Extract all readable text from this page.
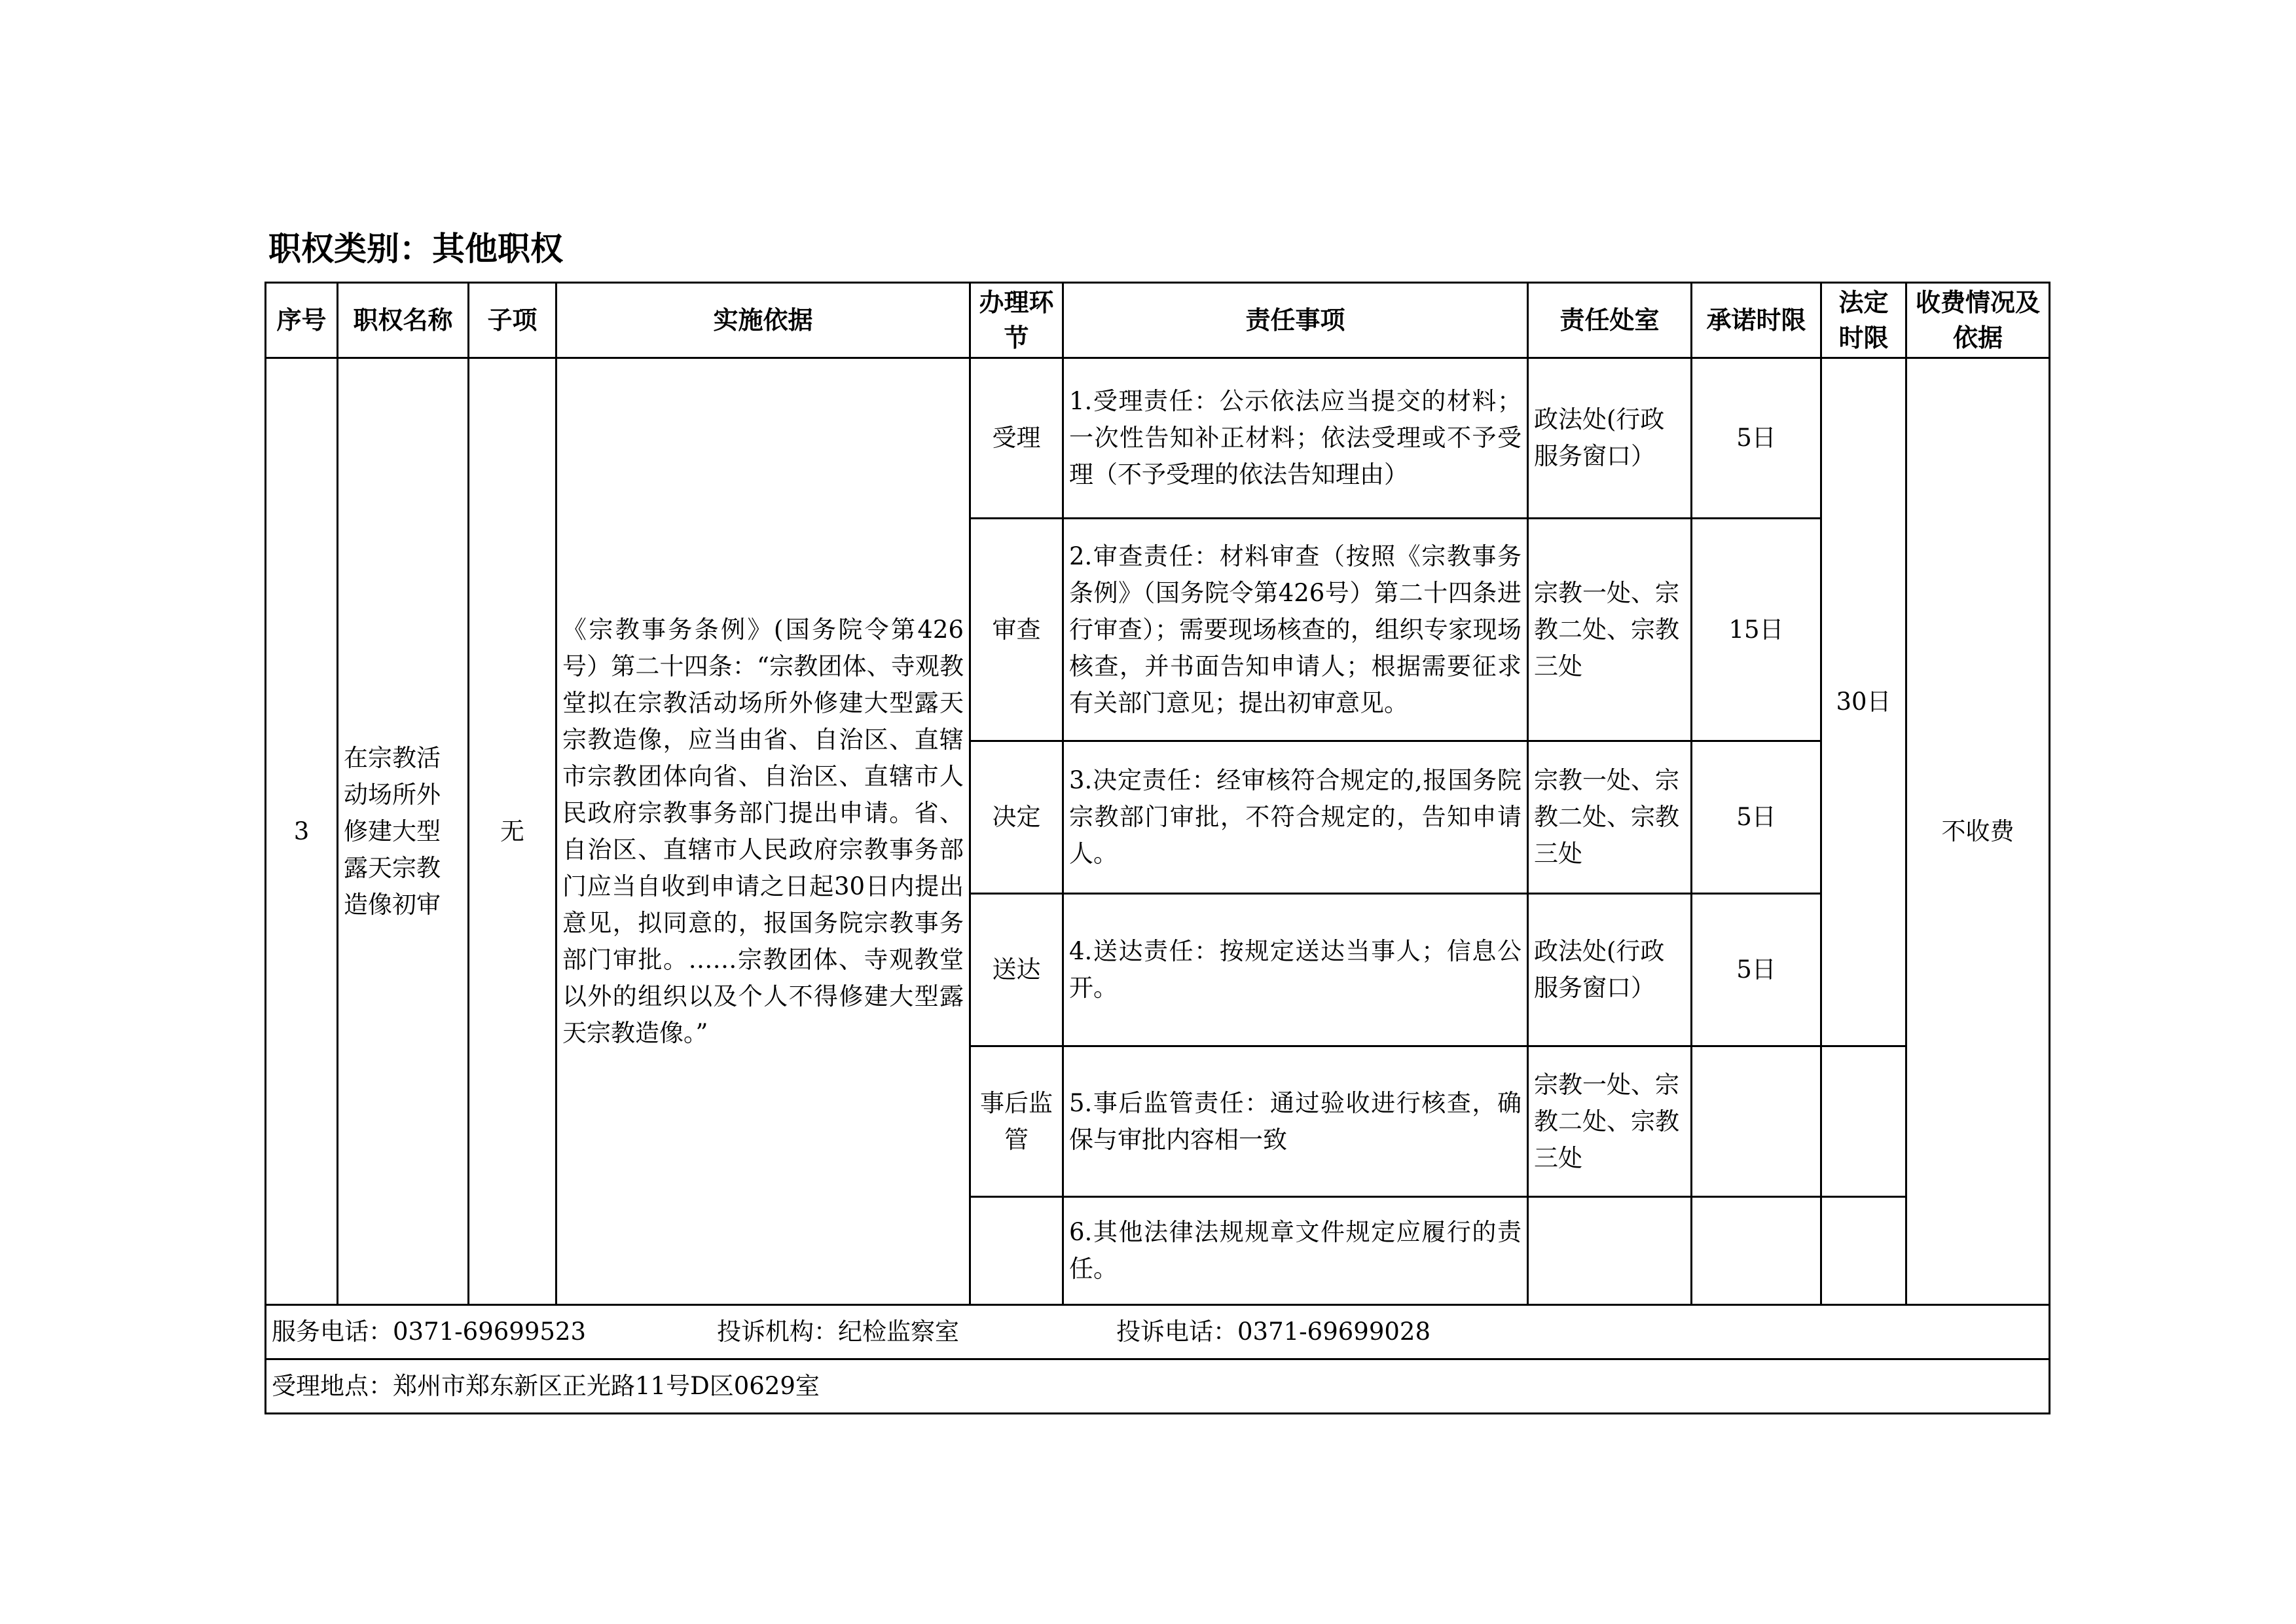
职权类别：其他职权
序号	职权名称	子项	实施依据	办理环节	责任事项	责任处室	承诺时限	法定时限	收费情况及依据
3	在宗教活动场所外修建大型露天宗教造像初审	无	《宗教事务条例》(国务院令第426号）第二十四条：“宗教团体、寺观教堂拟在宗教活动场所外修建大型露天宗教造像，应当由省、自治区、直辖市宗教团体向省、自治区、直辖市人民政府宗教事务部门提出申请。省、自治区、直辖市人民政府宗教事务部门应当自收到申请之日起30日内提出意见，拟同意的，报国务院宗教事务部门审批。……宗教团体、寺观教堂以外的组织以及个人不得修建大型露天宗教造像。”	受理	1.受理责任：公示依法应当提交的材料；一次性告知补正材料；依法受理或不予受理（不予受理的依法告知理由）	政法处(行政服务窗口）	5日	30日	不收费
				审查	2.审查责任：材料审查（按照《宗教事务条例》（国务院令第426号）第二十四条进行审查）；需要现场核查的，组织专家现场核查，并书面告知申请人；根据需要征求有关部门意见；提出初审意见。	宗教一处、宗教二处、宗教三处	15日		
				决定	3.决定责任：经审核符合规定的,报国务院宗教部门审批，不符合规定的，告知申请人。	宗教一处、宗教二处、宗教三处	5日		
				送达	4.送达责任：按规定送达当事人；信息公开。	政法处(行政服务窗口）	5日		
				事后监管	5.事后监管责任：通过验收进行核查，确保与审批内容相一致	宗教一处、宗教二处、宗教三处			
					6.其他法律法规规章文件规定应履行的责任。				
服务电话：0371-69699523 投诉机构：纪检监察室 投诉电话：0371-69699028									
受理地点：郑州市郑东新区正光路11号D区0629室									
